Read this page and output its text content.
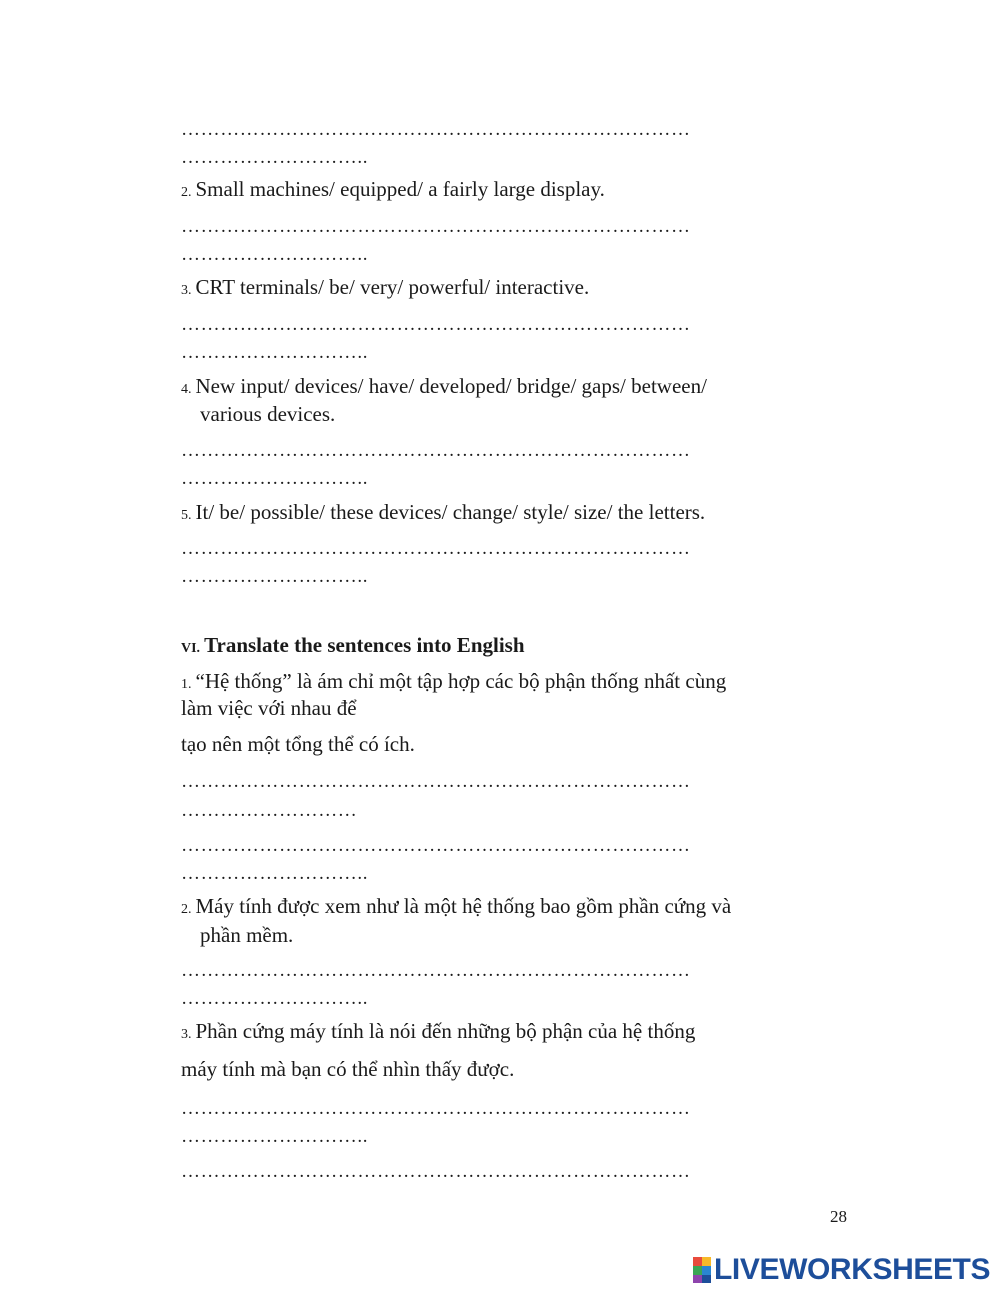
……………………………………………………………………
………………………..
2. Small machines/ equipped/ a fairly large display.
……………………………………………………………………
………………………..
3. CRT terminals/ be/ very/ powerful/ interactive.
……………………………………………………………………
………………………..
4. New input/ devices/ have/ developed/ bridge/ gaps/ between/
various devices.
……………………………………………………………………
………………………..
5. It/ be/ possible/ these devices/ change/ style/ size/ the letters.
……………………………………………………………………
………………………..
VI. Translate the sentences into English
1. “Hệ thống” là ám chỉ một tập hợp các bộ phận thống nhất cùng
làm việc với nhau để
tạo nên một tổng thể có ích.
……………………………………………………………………
………………………
……………………………………………………………………
………………………..
2. Máy tính được xem như là một hệ thống bao gồm phần cứng và
phần mềm.
……………………………………………………………………
………………………..
3. Phần cứng máy tính là nói đến những bộ phận của hệ thống
máy tính mà bạn có thể nhìn thấy được.
……………………………………………………………………
………………………..
……………………………………………………………………
28
LIVEWORKSHEETS
